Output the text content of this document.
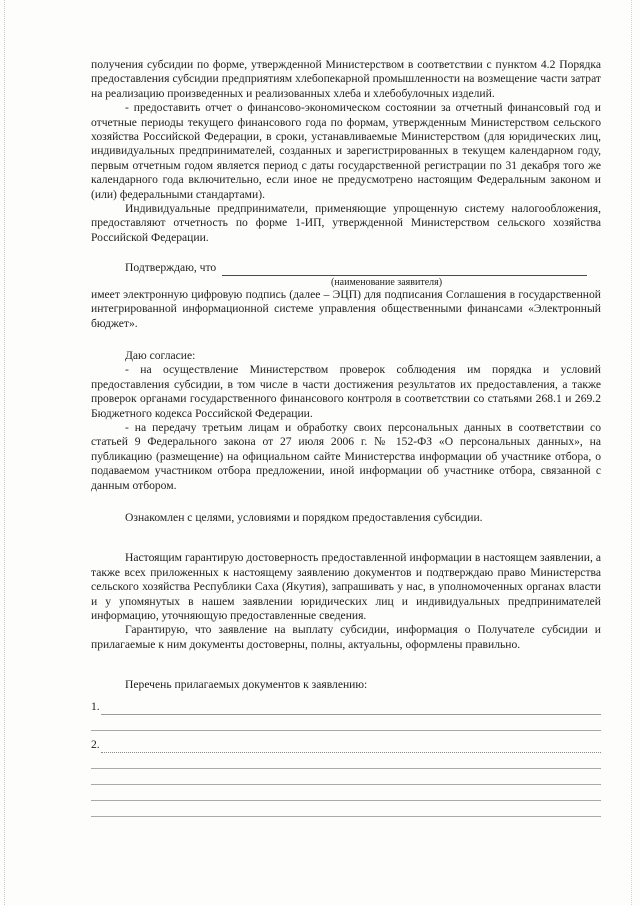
получения субсидии по форме, утвержденной Министерством в соответствии с пунктом 4.2 Порядка предоставления субсидии предприятиям хлебопекарной промышленности на возмещение части затрат на реализацию произведенных и реализованных хлеба и хлебобулочных изделий.

- предоставить отчет о финансово-экономическом состоянии за отчетный финансовый год и отчетные периоды текущего финансового года по формам, утвержденным Министерством сельского хозяйства Российской Федерации, в сроки, устанавливаемые Министерством (для юридических лиц, индивидуальных предпринимателей, созданных и зарегистрированных в текущем календарном году, первым отчетным годом является период с даты государственной регистрации по 31 декабря того же календарного года включительно, если иное не предусмотрено настоящим Федеральным законом и (или) федеральными стандартами).

Индивидуальные предприниматели, применяющие упрощенную систему налогообложения, предоставляют отчетность по форме 1-ИП, утвержденной Министерством сельского хозяйства Российской Федерации.

Подтверждаю, что
(наименование заявителя)

имеет электронную цифровую подпись (далее – ЭЦП) для подписания Соглашения в государственной интегрированной информационной системе управления общественными финансами «Электронный бюджет».

Даю согласие:

- на осуществление Министерством проверок соблюдения им порядка и условий предоставления субсидии, в том числе в части достижения результатов их предоставления, а также проверок органами государственного финансового контроля в соответствии со статьями 268.1 и 269.2 Бюджетного кодекса Российской Федерации.

- на передачу третьим лицам и обработку своих персональных данных в соответствии со статьей 9 Федерального закона от 27 июля 2006 г. № 152-ФЗ «О персональных данных», на публикацию (размещение) на официальном сайте Министерства информации об участнике отбора, о подаваемом участником отбора предложении, иной информации об участнике отбора, связанной с данным отбором.

Ознакомлен с целями, условиями и порядком предоставления субсидии.

Настоящим гарантирую достоверность предоставленной информации в настоящем заявлении, а также всех приложенных к настоящему заявлению документов и подтверждаю право Министерства сельского хозяйства Республики Саха (Якутия), запрашивать у нас, в уполномоченных органах власти и у упомянутых в нашем заявлении юридических лиц и индивидуальных предпринимателей информацию, уточняющую предоставленные сведения.

Гарантирую, что заявление на выплату субсидии, информация о Получателе субсидии и прилагаемые к ним документы достоверны, полны, актуальны, оформлены правильно.

Перечень прилагаемых документов к заявлению:

1.
2.
